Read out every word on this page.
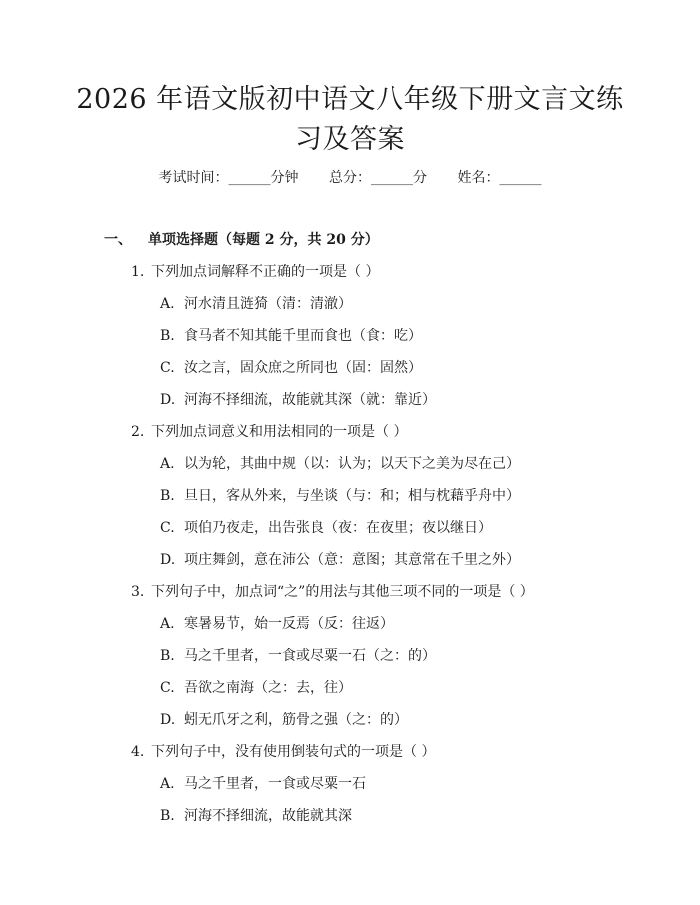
2026 年语文版初中语文八年级下册文言文练
习及答案
考试时间：______分钟 总分：______分 姓名：______
一、 单项选择题（每题 2 分，共 20 分）
1. 下列加点词解释不正确的一项是（ ）
A. 河水清且涟猗（清：清澈）
B. 食马者不知其能千里而食也（食：吃）
C. 汝之言，固众庶之所同也（固：固然）
D. 河海不择细流，故能就其深（就：靠近）
2. 下列加点词意义和用法相同的一项是（ ）
A. 以为轮，其曲中规（以：认为；以天下之美为尽在己）
B. 旦日，客从外来，与坐谈（与：和；相与枕藉乎舟中）
C. 项伯乃夜走，出告张良（夜：在夜里；夜以继日）
D. 项庄舞剑，意在沛公（意：意图；其意常在千里之外）
3. 下列句子中，加点词“之”的用法与其他三项不同的一项是（ ）
A. 寒暑易节，始一反焉（反：往返）
B. 马之千里者，一食或尽粟一石（之：的）
C. 吾欲之南海（之：去，往）
D. 蚓无爪牙之利，筋骨之强（之：的）
4. 下列句子中，没有使用倒装句式的一项是（ ）
A. 马之千里者，一食或尽粟一石
B. 河海不择细流，故能就其深
